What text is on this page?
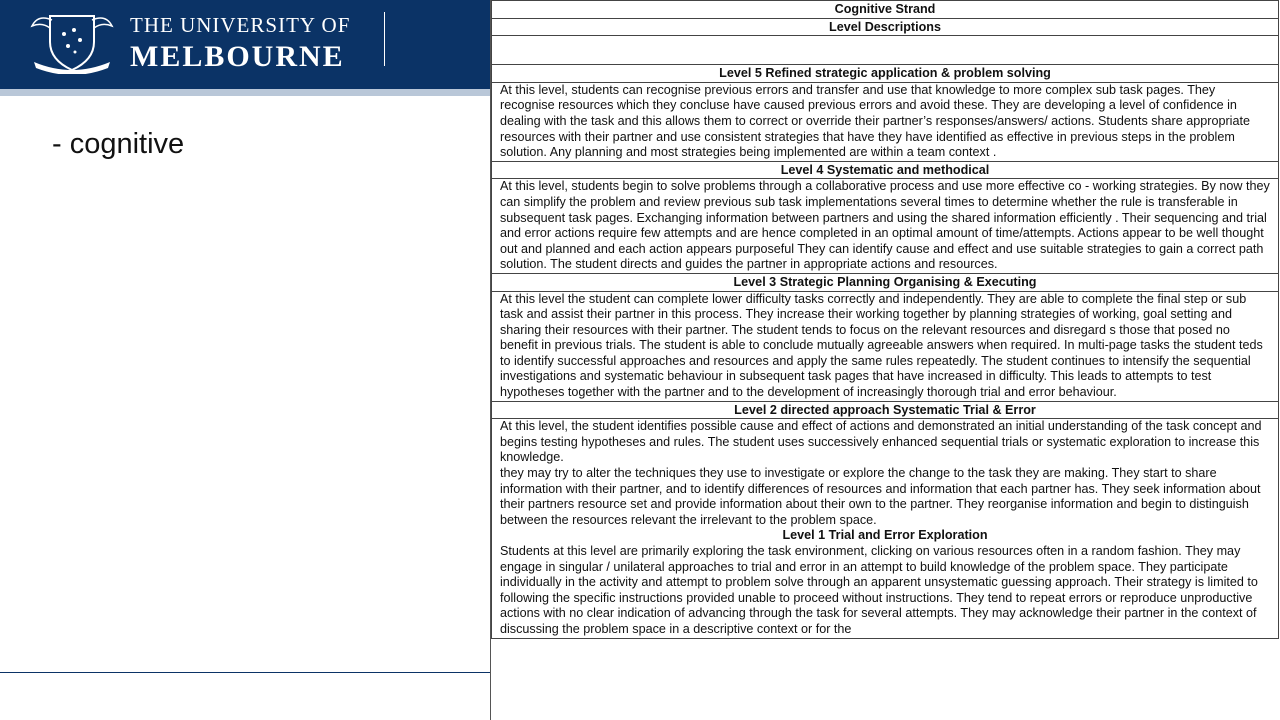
THE UNIVERSITY OF
MELBOURNE
- cognitive
Cognitive Strand
Level Descriptions

Level 5 Refined strategic application & problem solving
At this level, students can recognise previous errors and transfer and use that knowledge to more complex sub task pages. They recognise resources which they concluse have caused previous errors and avoid these. They are developing a level of confidence in dealing with the task and this allows them to correct or override their partner’s responses/answers/ actions. Students share appropriate resources with their partner and use consistent strategies that have they have identified as effective in previous steps in the problem solution. Any planning and most strategies being implemented are within a team context .
Level 4 Systematic and methodical
At this level, students begin to solve problems through a collaborative process and use more effective co - working strategies. By now they can simplify the problem and review previous sub task implementations several times to determine whether the rule is transferable in subsequent task pages. Exchanging information between partners and using the shared information efficiently . Their sequencing and trial and error actions require few attempts and are hence completed in an optimal amount of time/attempts. Actions appear to be well thought out and planned and each action appears purposeful They can identify cause and effect and use suitable strategies to gain a correct path solution. The student directs and guides the partner in appropriate actions and resources.
Level 3 Strategic Planning Organising & Executing
At this level the student can complete lower difficulty tasks correctly and independently. They are able to complete the final step or sub task and assist their partner in this process. They increase their working together by planning strategies of working, goal setting and sharing their resources with their partner. The student tends to focus on the relevant resources and disregard s those that posed no benefit in previous trials. The student is able to conclude mutually agreeable answers when required. In multi-page tasks the student teds to identify successful approaches and resources and apply the same rules repeatedly. The student continues to intensify the sequential investigations and systematic behaviour in subsequent task pages that have increased in difficulty. This leads to attempts to test hypotheses together with the partner and to the development of increasingly thorough trial and error behaviour.
Level 2 directed approach Systematic Trial & Error

At this level, the student identifies possible cause and effect of actions and demonstrated an initial understanding of the task concept and begins testing hypotheses and rules. The student uses successively enhanced sequential trials or systematic exploration to increase this knowledge.

they may try to alter the techniques they use to investigate or explore the change to the task they are making. They start to share information with their partner, and to identify differences of resources and information that each partner has. They seek information about their partners resource set and provide information about their own to the partner. They reorganise information and begin to distinguish between the resources relevant the irrelevant to the problem space.

Level 1 Trial and Error Exploration

Students at this level are primarily exploring the task environment, clicking on various resources often in a random fashion. They may engage in singular / unilateral approaches to trial and error in an attempt to build knowledge of the problem space. They participate individually in the activity and attempt to problem solve through an apparent unsystematic guessing approach. Their strategy is limited to following the specific instructions provided unable to proceed without instructions. They tend to repeat errors or reproduce unproductive actions with no clear indication of advancing through the task for several attempts. They may acknowledge their partner in the context of discussing the problem space in a descriptive context or for the
